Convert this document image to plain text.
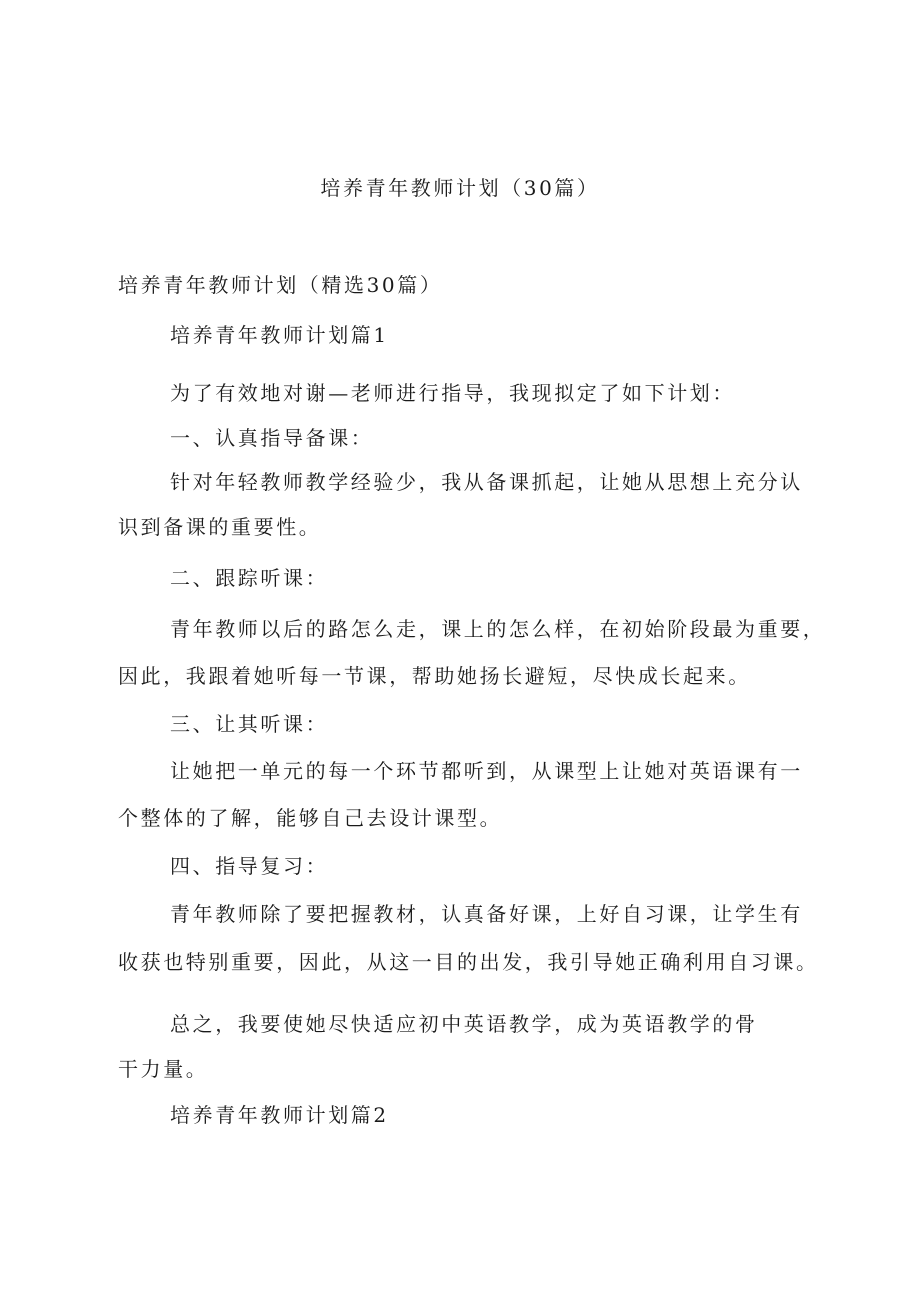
培养青年教师计划（30篇）
培养青年教师计划（精选30篇）
培养青年教师计划篇1
为了有效地对谢—老师进行指导，我现拟定了如下计划：
一、认真指导备课：
针对年轻教师教学经验少，我从备课抓起，让她从思想上充分认
识到备课的重要性。
二、跟踪听课：
青年教师以后的路怎么走，课上的怎么样，在初始阶段最为重要，
因此，我跟着她听每一节课，帮助她扬长避短，尽快成长起来。
三、让其听课：
让她把一单元的每一个环节都听到，从课型上让她对英语课有一
个整体的了解，能够自己去设计课型。
四、指导复习：
青年教师除了要把握教材，认真备好课，上好自习课，让学生有
收获也特别重要，因此，从这一目的出发，我引导她正确利用自习课。
总之，我要使她尽快适应初中英语教学，成为英语教学的骨
干力量。
培养青年教师计划篇2
